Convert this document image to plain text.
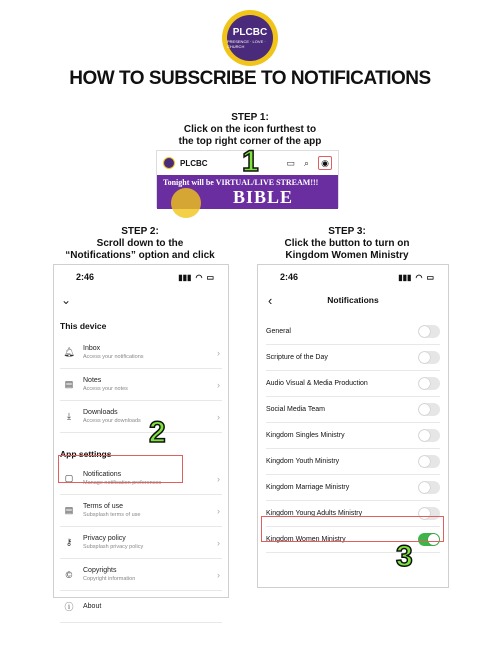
PLCBC
PRESENCE · LOVE · CHURCH
HOW TO SUBSCRIBE TO NOTIFICATIONS
STEP 1:
Click on the icon furthest to
the top right corner of the app
PLCBC	▭ ⌕	◉
Tonight will be VIRTUAL/LIVE STREAM!!!
BIBLE
1
STEP 2:
Scroll down to the
“Notifications” option and click
2:46	▮▮▮ ◠ ▭
⌄
This device
🔔︎	Inbox
Access your notifications	›
▤	Notes
Access your notes	›
⤓	Downloads
Access your downloads	›
App settings
▢	Notifications
Manage notification preferences	›
▤	Terms of use
Subsplash terms of use	›
⚷	Privacy policy
Subsplash privacy policy	›
©	Copyrights
Copyright information	›
ⓘ	About
2
STEP 3:
Click the button to turn on
Kingdom Women Ministry
2:46	▮▮▮ ◠ ▭
‹	Notifications
General
Scripture of the Day
Audio Visual & Media Production
Social Media Team
Kingdom Singles Ministry
Kingdom Youth Ministry
Kingdom Marriage Ministry
Kingdom Young Adults Ministry
Kingdom Women Ministry
3
